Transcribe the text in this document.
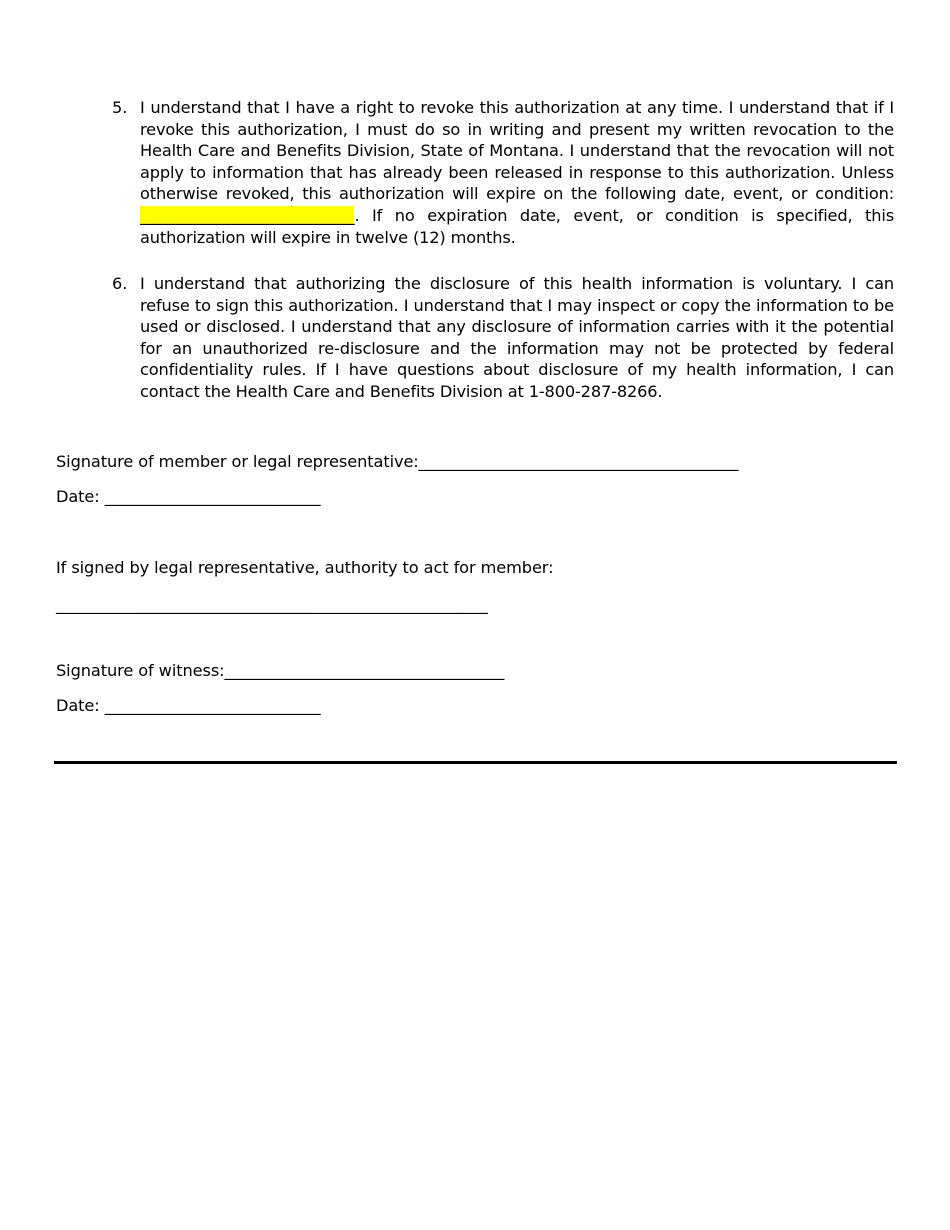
5. I understand that I have a right to revoke this authorization at any time. I understand that if I revoke this authorization, I must do so in writing and present my written revocation to the Health Care and Benefits Division, State of Montana. I understand that the revocation will not apply to information that has already been released in response to this authorization. Unless otherwise revoked, this authorization will expire on the following date, event, or condition: ___________________________. If no expiration date, event, or condition is specified, this authorization will expire in twelve (12) months.
6. I understand that authorizing the disclosure of this health information is voluntary. I can refuse to sign this authorization. I understand that I may inspect or copy the information to be used or disclosed. I understand that any disclosure of information carries with it the potential for an unauthorized re-disclosure and the information may not be protected by federal confidentiality rules. If I have questions about disclosure of my health information, I can contact the Health Care and Benefits Division at 1-800-287-8266.
Signature of member or legal representative:________________________________________
Date: ___________________________
If signed by legal representative, authority to act for member:
______________________________________________________
Signature of witness:___________________________________
Date: ___________________________
